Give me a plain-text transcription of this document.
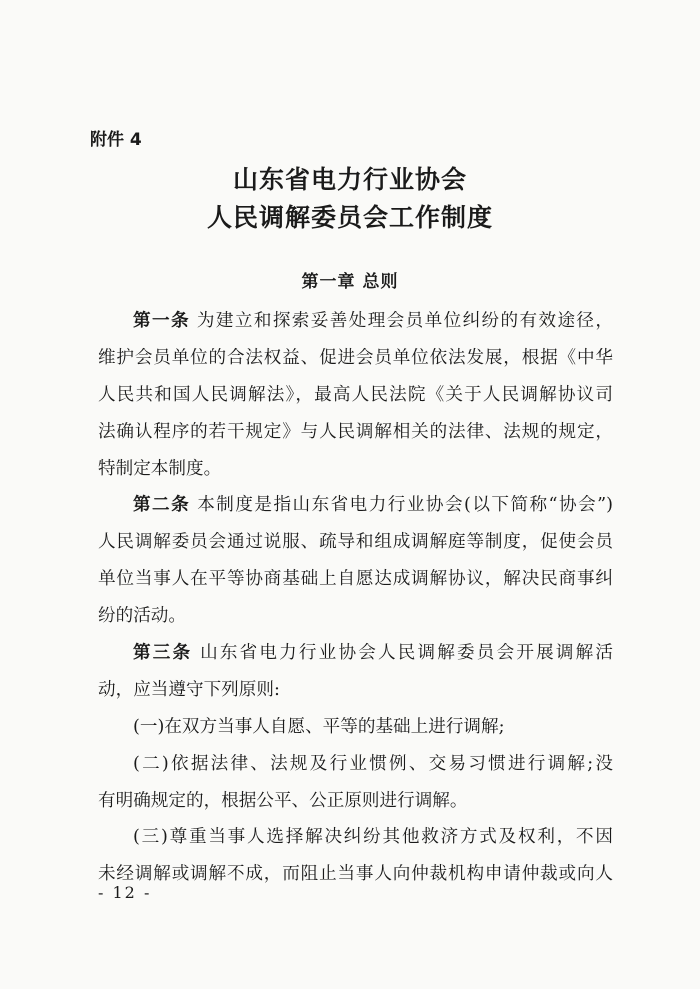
附件 4
山东省电力行业协会
人民调解委员会工作制度
第一章 总则
第一条 为建立和探索妥善处理会员单位纠纷的有效途径，
维护会员单位的合法权益、促进会员单位依法发展，根据《中华
人民共和国人民调解法》，最高人民法院《关于人民调解协议司
法确认程序的若干规定》与人民调解相关的法律、法规的规定，
特制定本制度。
第二条 本制度是指山东省电力行业协会(以下简称“协会”)
人民调解委员会通过说服、疏导和组成调解庭等制度，促使会员
单位当事人在平等协商基础上自愿达成调解协议，解决民商事纠
纷的活动。
第三条 山东省电力行业协会人民调解委员会开展调解活
动，应当遵守下列原则:
(一)在双方当事人自愿、平等的基础上进行调解;
(二)依据法律、法规及行业惯例、交易习惯进行调解;没
有明确规定的，根据公平、公正原则进行调解。
(三)尊重当事人选择解决纠纷其他救济方式及权利，不因
未经调解或调解不成，而阻止当事人向仲裁机构申请仲裁或向人
- 12 -
